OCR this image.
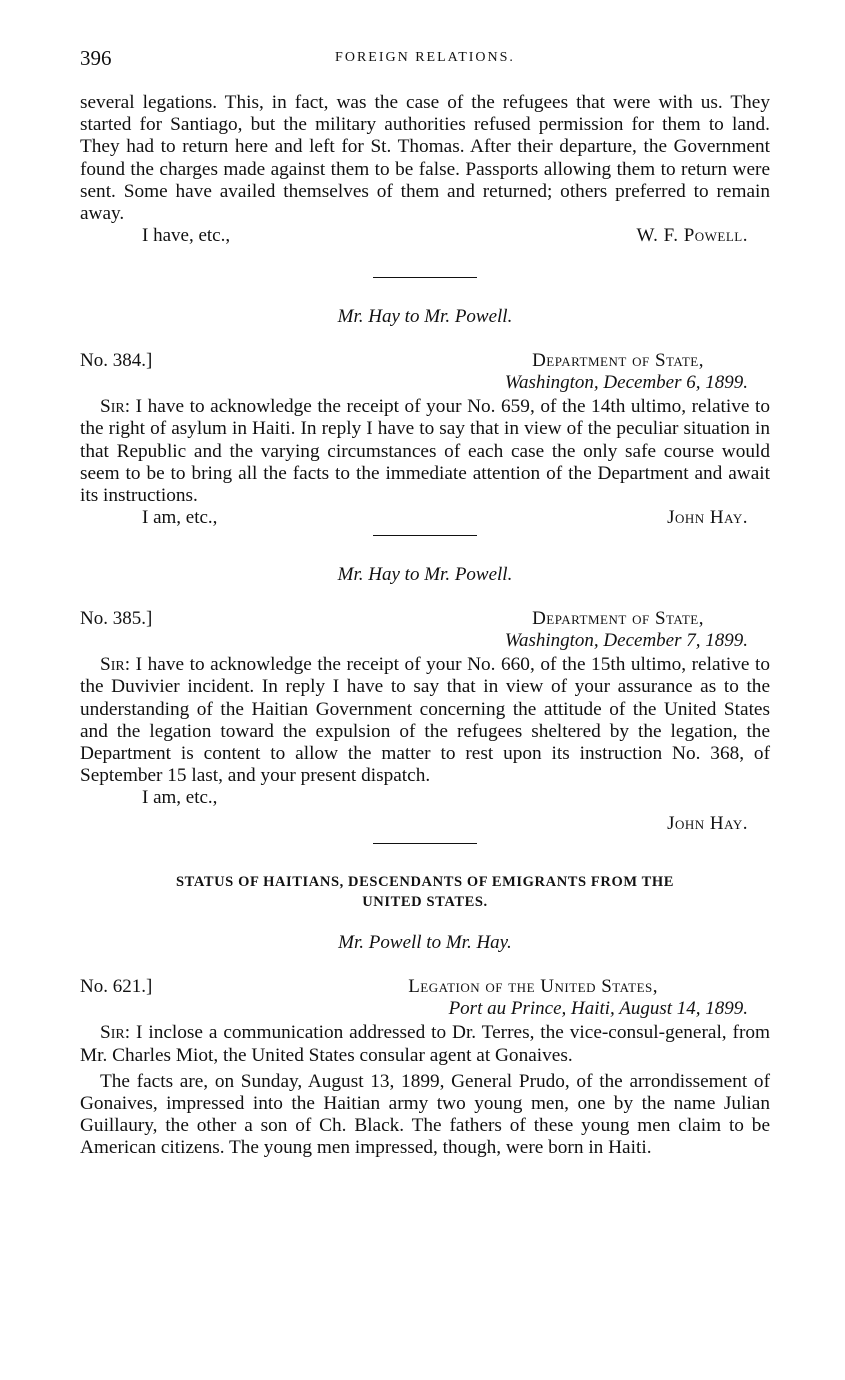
396	FOREIGN RELATIONS.

several legations. This, in fact, was the case of the refugees that were with us. They started for Santiago, but the military authorities refused permission for them to land. They had to return here and left for St. Thomas. After their departure, the Government found the charges made against them to be false. Passports allowing them to return were sent. Some have availed themselves of them and returned; others preferred to remain away.

I have, etc.,	W. F. Powell.
Mr. Hay to Mr. Powell.
No. 384.]	Department of State,
Washington, December 6, 1899.

Sir: I have to acknowledge the receipt of your No. 659, of the 14th ultimo, relative to the right of asylum in Haiti. In reply I have to say that in view of the peculiar situation in that Republic and the varying circumstances of each case the only safe course would seem to be to bring all the facts to the immediate attention of the Department and await its instructions.

I am, etc.,	John Hay.
Mr. Hay to Mr. Powell.
No. 385.]	Department of State,
Washington, December 7, 1899.

Sir: I have to acknowledge the receipt of your No. 660, of the 15th ultimo, relative to the Duvivier incident. In reply I have to say that in view of your assurance as to the understanding of the Haitian Government concerning the attitude of the United States and the legation toward the expulsion of the refugees sheltered by the legation, the Department is content to allow the matter to rest upon its instruction No. 368, of September 15 last, and your present dispatch.

I am, etc.,
John Hay.
STATUS OF HAITIANS, DESCENDANTS OF EMIGRANTS FROM THE
UNITED STATES.
Mr. Powell to Mr. Hay.
No. 621.]	Legation of the United States,
Port au Prince, Haiti, August 14, 1899.

Sir: I inclose a communication addressed to Dr. Terres, the vice-consul-general, from Mr. Charles Miot, the United States consular agent at Gonaives.

The facts are, on Sunday, August 13, 1899, General Prudo, of the arrondissement of Gonaives, impressed into the Haitian army two young men, one by the name Julian Guillaury, the other a son of Ch. Black. The fathers of these young men claim to be American citizens. The young men impressed, though, were born in Haiti.
